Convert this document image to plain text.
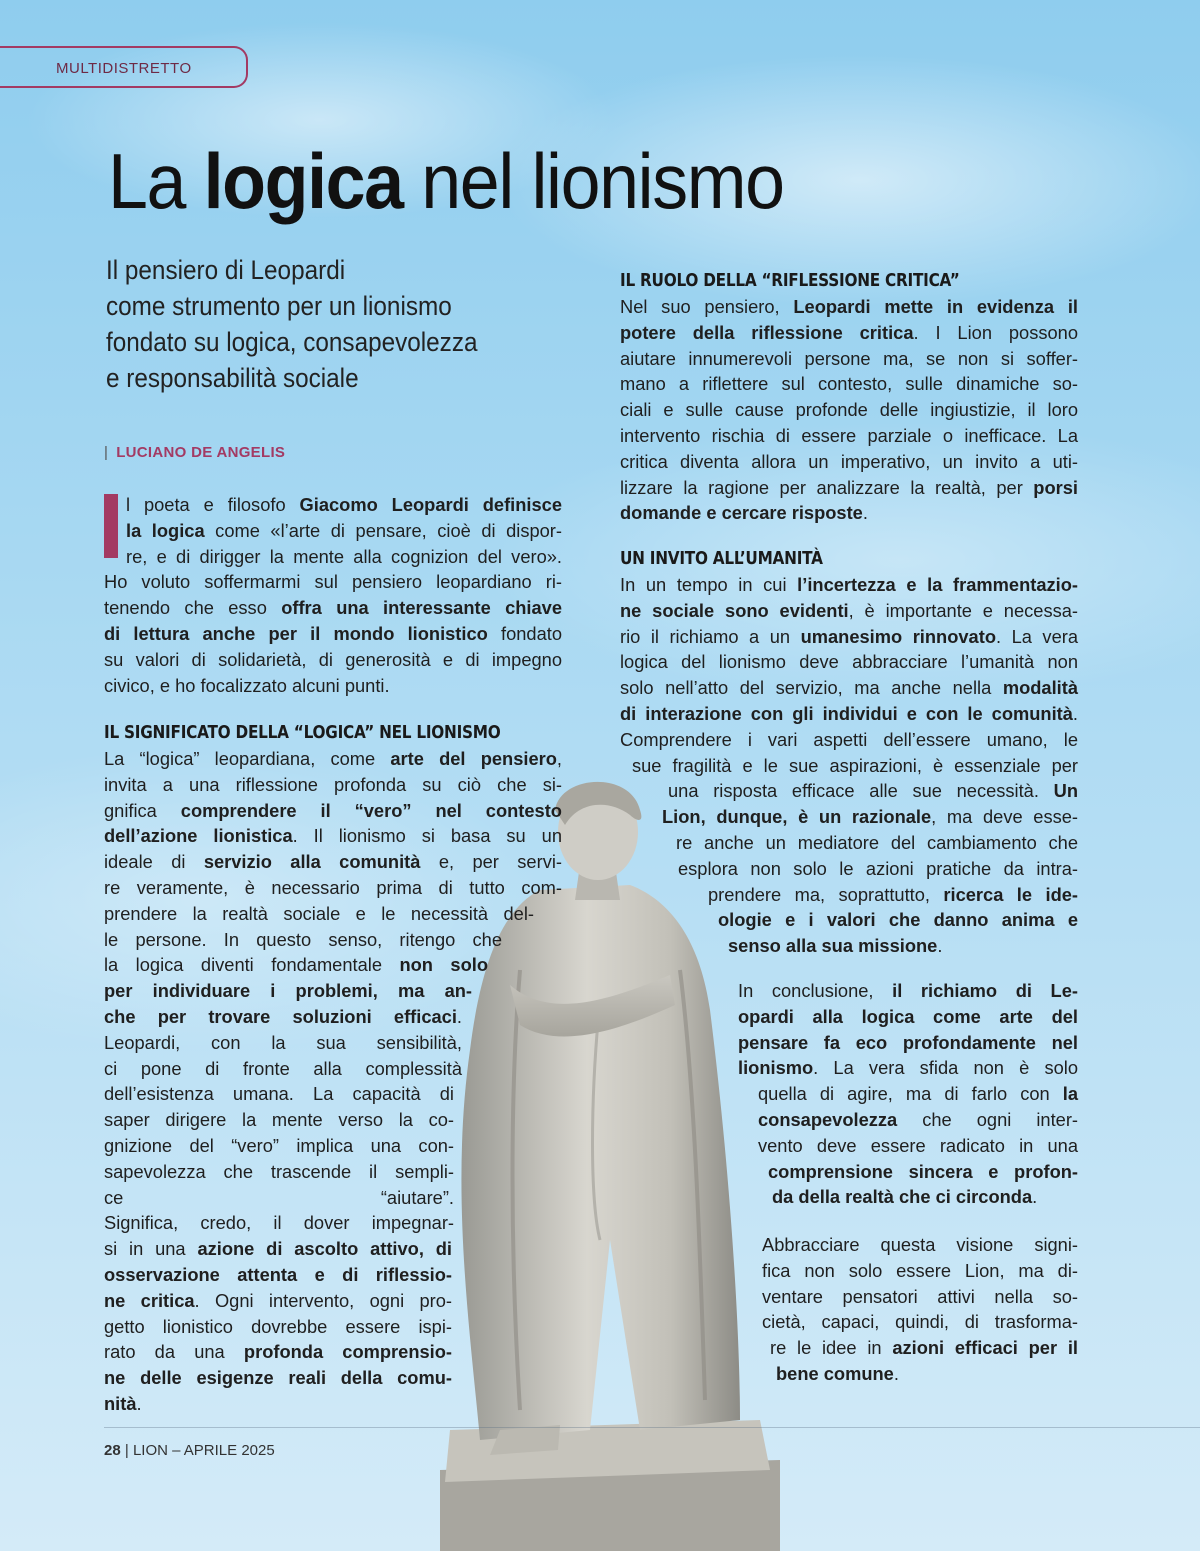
MULTIDISTRETTO
La logica nel lionismo
Il pensiero di Leopardi
come strumento per un lionismo
fondato su logica, consapevolezza
e responsabilità sociale
| LUCIANO DE ANGELIS
l poeta e filosofo Giacomo Leopardi definisce
la logica come «l’arte di pensare, cioè di dispor-
re, e di dirigger la mente alla cognizion del vero».
Ho voluto soffermarmi sul pensiero leopardiano ri-
tenendo che esso offra una interessante chiave
di lettura anche per il mondo lionistico fondato
su valori di solidarietà, di generosità e di impegno
civico, e ho focalizzato alcuni punti.
IL SIGNIFICATO DELLA “LOGICA” NEL LIONISMO
La “logica” leopardiana, come arte del pensiero,
invita a una riflessione profonda su ciò che si-
gnifica comprendere il “vero” nel contesto
dell’azione lionistica. Il lionismo si basa su un
ideale di servizio alla comunità e, per servi-
re veramente, è necessario prima di tutto com-
prendere la realtà sociale e le necessità del-
le persone. In questo senso, ritengo che
la logica diventi fondamentale non solo
per individuare i problemi, ma an-
che per trovare soluzioni efficaci.
Leopardi, con la sua sensibilità,
ci pone di fronte alla complessità
dell’esistenza umana. La capacità di
saper dirigere la mente verso la co-
gnizione del “vero” implica una con-
sapevolezza che trascende il sempli-
ce “aiutare”.
Significa, credo, il dover impegnar-
si in una azione di ascolto attivo, di
osservazione attenta e di riflessio-
ne critica. Ogni intervento, ogni pro-
getto lionistico dovrebbe essere ispi-
rato da una profonda comprensio-
ne delle esigenze reali della comu-
nità.
IL RUOLO DELLA “RIFLESSIONE CRITICA”
Nel suo pensiero, Leopardi mette in evidenza il
potere della riflessione critica. I Lion possono
aiutare innumerevoli persone ma, se non si soffer-
mano a riflettere sul contesto, sulle dinamiche so-
ciali e sulle cause profonde delle ingiustizie, il loro
intervento rischia di essere parziale o inefficace. La
critica diventa allora un imperativo, un invito a uti-
lizzare la ragione per analizzare la realtà, per porsi
domande e cercare risposte.
UN INVITO ALL’UMANITÀ
In un tempo in cui l’incertezza e la frammentazio-
ne sociale sono evidenti, è importante e necessa-
rio il richiamo a un umanesimo rinnovato. La vera
logica del lionismo deve abbracciare l’umanità non
solo nell’atto del servizio, ma anche nella modalità
di interazione con gli individui e con le comunità.
Comprendere i vari aspetti dell’essere umano, le
sue fragilità e le sue aspirazioni, è essenziale per
una risposta efficace alle sue necessità. Un
Lion, dunque, è un razionale, ma deve esse-
re anche un mediatore del cambiamento che
esplora non solo le azioni pratiche da intra-
prendere ma, soprattutto, ricerca le ide-
ologie e i valori che danno anima e
senso alla sua missione.
In conclusione, il richiamo di Le-
opardi alla logica come arte del
pensare fa eco profondamente nel
lionismo. La vera sfida non è solo
quella di agire, ma di farlo con la
consapevolezza che ogni inter-
vento deve essere radicato in una
comprensione sincera e profon-
da della realtà che ci circonda.
Abbracciare questa visione signi-
fica non solo essere Lion, ma di-
ventare pensatori attivi nella so-
cietà, capaci, quindi, di trasforma-
re le idee in azioni efficaci per il
bene comune.
28 | LION – APRILE 2025
